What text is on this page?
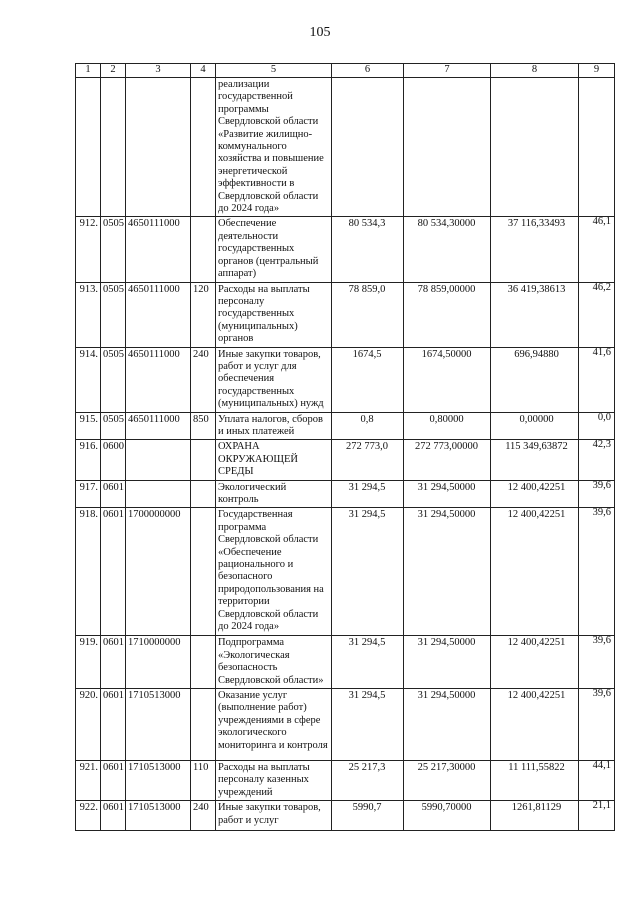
105
1	2	3	4	5	6	7	8	9
				реализации государственной программы Свердловской области «Развитие жилищно-коммунального хозяйства и повышение энергетической эффективности в Свердловской области до 2024 года»				

912.	0505	4650111000		Обеспечение деятельности государственных органов (центральный аппарат)	80 534,3	80 534,30000	37 116,33493	46,1

913.	0505	4650111000	120	Расходы на выплаты персоналу государственных (муниципальных) органов	78 859,0	78 859,00000	36 419,38613	46,2

914.	0505	4650111000	240	Иные закупки товаров, работ и услуг для обеспечения государственных (муниципальных) нужд	1674,5	1674,50000	696,94880	41,6

915.	0505	4650111000	850	Уплата налогов, сборов и иных платежей	0,8	0,80000	0,00000	0,0

916.	0600			ОХРАНА ОКРУЖАЮЩЕЙ СРЕДЫ	272 773,0	272 773,00000	115 349,63872	42,3

917.	0601			Экологический контроль	31 294,5	31 294,50000	12 400,42251	39,6

918.	0601	1700000000		Государственная программа Свердловской области «Обеспечение рационального и безопасного природопользования на территории Свердловской области до 2024 года»	31 294,5	31 294,50000	12 400,42251	39,6

919.	0601	1710000000		Подпрограмма «Экологическая безопасность Свердловской области»	31 294,5	31 294,50000	12 400,42251	39,6

920.	0601	1710513000		Оказание услуг (выполнение работ) учреждениями в сфере экологического мониторинга и контроля	31 294,5	31 294,50000	12 400,42251	39,6

921.	0601	1710513000	110	Расходы на выплаты персоналу казенных учреждений	25 217,3	25 217,30000	11 111,55822	44,1

922.	0601	1710513000	240	Иные закупки товаров, работ и услуг	5990,7	5990,70000	1261,81129	21,1
